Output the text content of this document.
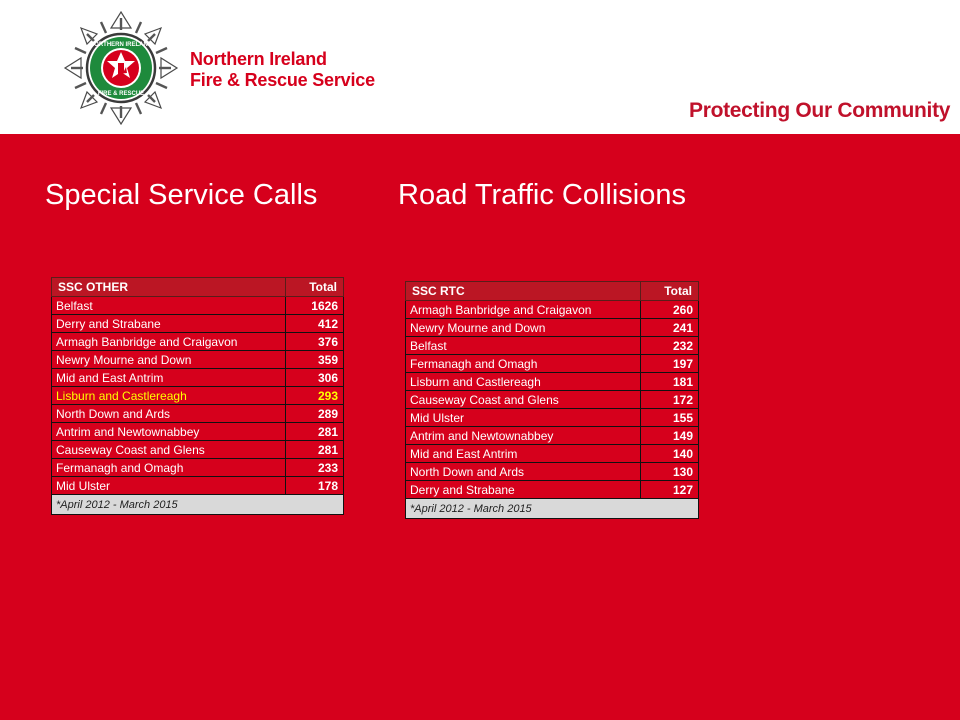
NORTHERN IRELAND
FIRE & RESCUE
Northern Ireland
Fire & Rescue Service
Protecting Our Community
Special Service Calls	Road Traffic Collisions
SSC OTHER	Total
Belfast	1626
Derry and Strabane	412
Armagh Banbridge and Craigavon	376
Newry Mourne and Down	359
Mid and East Antrim	306
Lisburn and Castlereagh	293
North Down and Ards	289
Antrim and Newtownabbey	281
Causeway Coast and Glens	281
Fermanagh and Omagh	233
Mid Ulster	178
*April 2012 - March 2015	
SSC RTC	Total
Armagh Banbridge and Craigavon	260
Newry Mourne and Down	241
Belfast	232
Fermanagh and Omagh	197
Lisburn and Castlereagh	181
Causeway Coast and Glens	172
Mid Ulster	155
Antrim and Newtownabbey	149
Mid and East Antrim	140
North Down and Ards	130
Derry and Strabane	127
*April 2012 - March 2015	
